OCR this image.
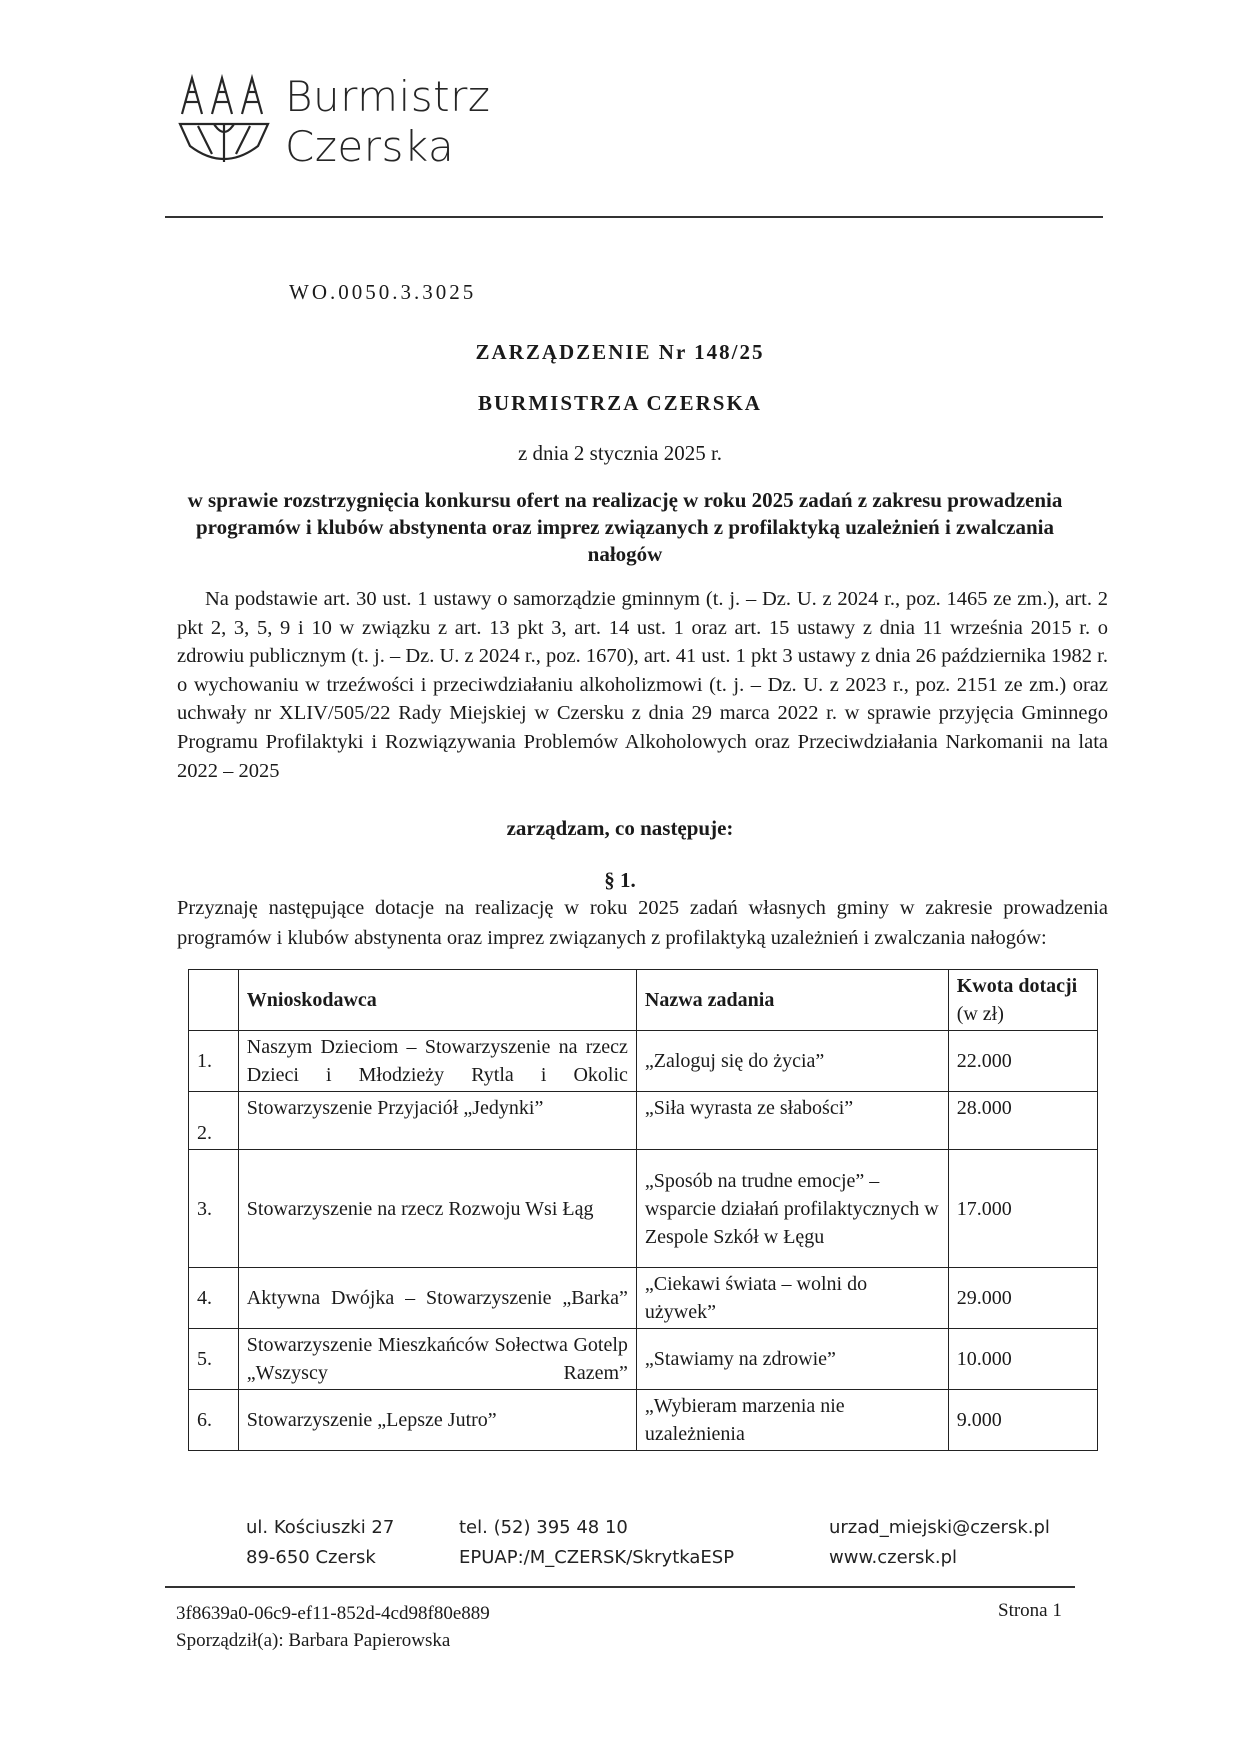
Burmistrz
Czerska
WO.0050.3.3025
ZARZĄDZENIE Nr 148/25
BURMISTRZA CZERSKA
z dnia 2 stycznia 2025 r.
w sprawie rozstrzygnięcia konkursu ofert na realizację w roku 2025 zadań z zakresu prowadzenia programów i klubów abstynenta oraz imprez związanych z profilaktyką uzależnień i zwalczania nałogów
Na podstawie art. 30 ust. 1 ustawy o samorządzie gminnym (t. j. – Dz. U. z 2024 r., poz. 1465 ze zm.), art. 2 pkt 2, 3, 5, 9 i 10 w związku z art. 13 pkt 3, art. 14 ust. 1 oraz art. 15 ustawy z dnia 11 września 2015 r. o zdrowiu publicznym (t. j. – Dz. U. z 2024 r., poz. 1670), art. 41 ust. 1 pkt 3 ustawy z dnia 26 października 1982 r. o wychowaniu w trzeźwości i przeciwdziałaniu alkoholizmowi (t. j. – Dz. U. z 2023 r., poz. 2151 ze zm.) oraz uchwały nr XLIV/505/22 Rady Miejskiej w Czersku z dnia 29 marca 2022 r. w sprawie przyjęcia Gminnego Programu Profilaktyki i Rozwiązywania Problemów Alkoholowych oraz Przeciwdziałania Narkomanii na lata 2022 – 2025
zarządzam, co następuje:
§ 1.
Przyznaję następujące dotacje na realizację w roku 2025 zadań własnych gminy w zakresie prowadzenia programów i klubów abstynenta oraz imprez związanych z profilaktyką uzależnień i zwalczania nałogów:
	Wnioskodawca	Nazwa zadania	Kwota dotacji
(w zł)

1.	Naszym Dzieciom – Stowarzyszenie na rzecz Dzieci i Młodzieży Rytla i Okolic	„Zaloguj się do życia”	22.000
2.	Stowarzyszenie Przyjaciół „Jedynki”	„Siła wyrasta ze słabości”	28.000
3.	Stowarzyszenie na rzecz Rozwoju Wsi Łąg	„Sposób na trudne emocje” – wsparcie działań profilaktycznych w Zespole Szkół w Łęgu	17.000
4.	Aktywna Dwójka – Stowarzyszenie „Barka”	„Ciekawi świata – wolni do używek”	29.000
5.	Stowarzyszenie Mieszkańców Sołectwa Gotelp „Wszyscy Razem”	„Stawiamy na zdrowie”	10.000
6.	Stowarzyszenie „Lepsze Jutro”	„Wybieram marzenia nie uzależnienia	9.000
ul. Kościuszki 27
89-650 Czersk
tel. (52) 395 48 10
EPUAP:/M_CZERSK/SkrytkaESP
urzad_miejski@czersk.pl
www.czersk.pl
3f8639a0-06c9-ef11-852d-4cd98f80e889
Sporządził(a): Barbara Papierowska
Strona 1
